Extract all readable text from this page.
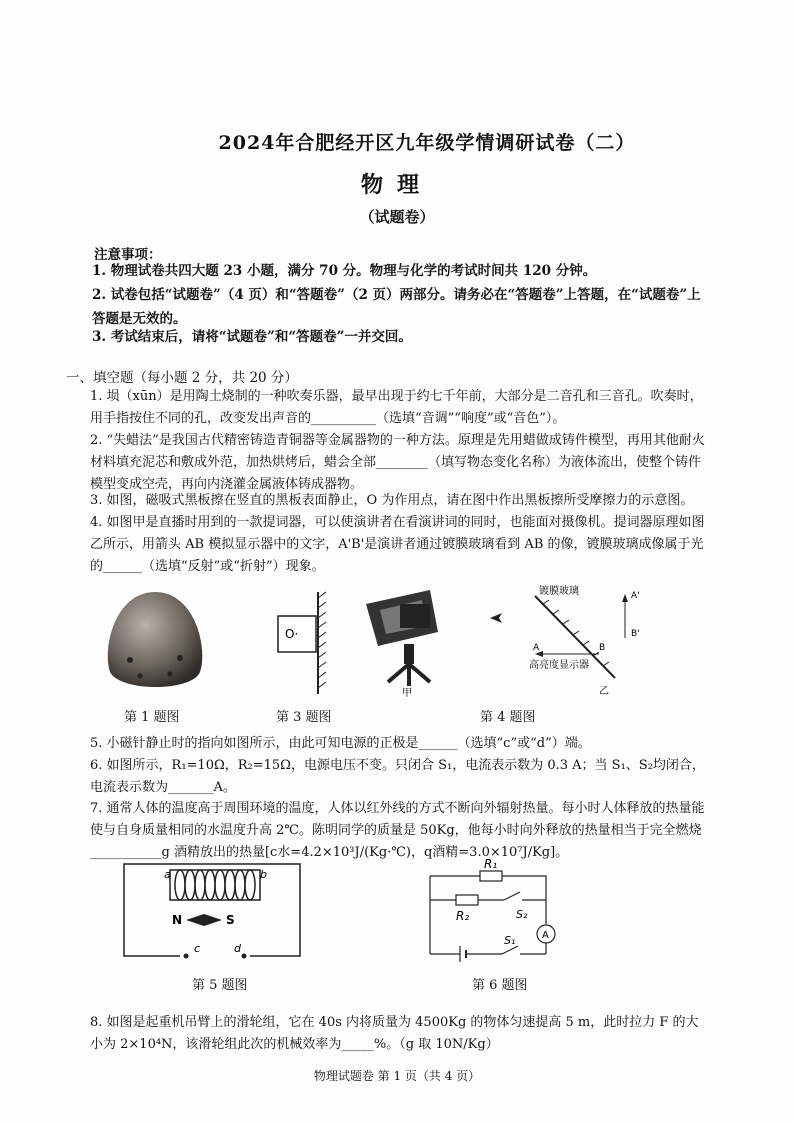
2024年合肥经开区九年级学情调研试卷（二）
物理
（试题卷）
注意事项：
1. 物理试卷共四大题 23 小题，满分 70 分。物理与化学的考试时间共 120 分钟。
2. 试卷包括“试题卷”（4 页）和“答题卷”（2 页）两部分。请务必在“答题卷”上答题，在“试题卷”上答题是无效的。
3. 考试结束后，请将“试题卷”和“答题卷”一并交回。
一、填空题（每小题 2 分，共 20 分）
1. 埙（xūn）是用陶土烧制的一种吹奏乐器，最早出现于约七千年前，大部分是二音孔和三音孔。吹奏时，用手指按住不同的孔，改变发出声音的__________（选填“音调”“响度”或“音色”）。
2. “失蜡法”是我国古代精密铸造青铜器等金属器物的一种方法。原理是先用蜡做成铸件模型，再用其他耐火材料填充泥芯和敷成外范，加热烘烤后，蜡会全部________（填写物态变化名称）为液体流出，使整个铸件模型变成空壳，再向内浇灌金属液体铸成器物。
3. 如图，磁吸式黑板擦在竖直的黑板表面静止，O 为作用点，请在图中作出黑板擦所受摩擦力的示意图。
4. 如图甲是直播时用到的一款提词器，可以使演讲者在看演讲词的同时，也能面对摄像机。提词器原理如图乙所示，用箭头 AB 模拟显示器中的文字，A'B'是演讲者通过镀膜玻璃看到 AB 的像，镀膜玻璃成像属于光的______（选填“反射”或“折射”）现象。
第 1 题图
O·
第 3 题图
甲
镀膜玻璃	A'
B'
A	B
高亮度显示器
乙
第 4 题图
5. 小磁针静止时的指向如图所示，由此可知电源的正极是______（选填“c”或“d”）端。
6. 如图所示，R₁=10Ω，R₂=15Ω，电源电压不变。只闭合 S₁，电流表示数为 0.3 A；当 S₁、S₂均闭合，电流表示数为_______A。
7. 通常人体的温度高于周围环境的温度，人体以红外线的方式不断向外辐射热量。每小时人体释放的热量能使与自身质量相同的水温度升高 2℃。陈明同学的质量是 50Kg，他每小时向外释放的热量相当于完全燃烧___________g 酒精放出的热量[c水=4.2×10³J/(Kg·℃)，q酒精=3.0×10⁷J/Kg]。
a	b
N	S
c	d
第 5 题图
R₁
R₂	S₂
A
S₁
第 6 题图
8. 如图是起重机吊臂上的滑轮组，它在 40s 内将质量为 4500Kg 的物体匀速提高 5 m，此时拉力 F 的大小为 2×10⁴N，该滑轮组此次的机械效率为_____%。（g 取 10N/Kg）
物理试题卷 第 1 页（共 4 页）
